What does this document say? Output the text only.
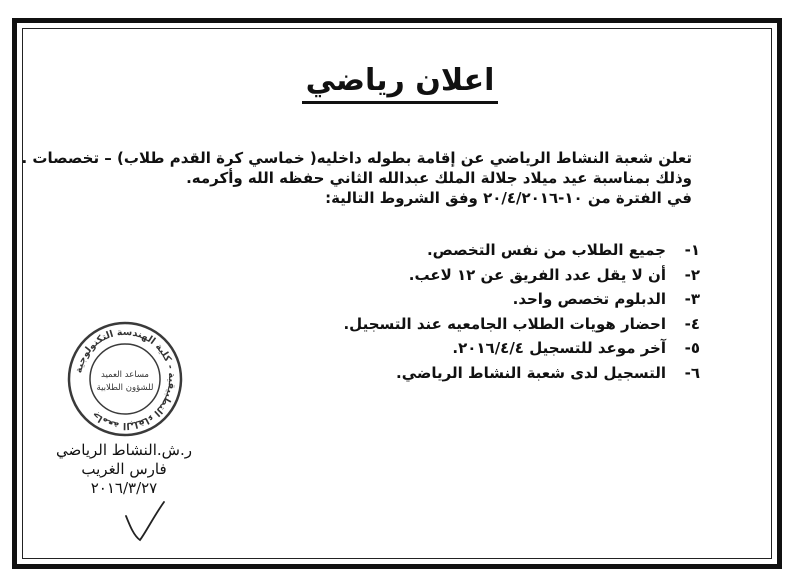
اعلان رياضي
تعلن شعبة النشاط الرياضي عن إقامة بطوله داخليه( خماسي كرة القدم طلاب) – تخصصات .
وذلك بمناسبة عيد ميلاد جلالة الملك عبدالله الثاني حفظه الله وأكرمه.
في الفترة من ١٠-٢٠/٤/٢٠١٦ وفق الشروط التالية:
١-
جميع الطلاب من نفس التخصص.
٢-
أن لا يقل عدد الفريق عن ١٢ لاعب.
٣-
الدبلوم تخصص واحد.
٤-
احضار هويات الطلاب الجامعيه عند التسجيل.
٥-
آخر موعد للتسجيل ٢٠١٦/٤/٤.
٦-
التسجيل لدى شعبة النشاط الرياضي.
جامعة البلقاء التطبيقية - كلية الهندسة التكنولوجية
مساعد العميد
للشؤون الطلابية
ر.ش.النشاط الرياضي
فارس الغريب
٢٠١٦/٣/٢٧
